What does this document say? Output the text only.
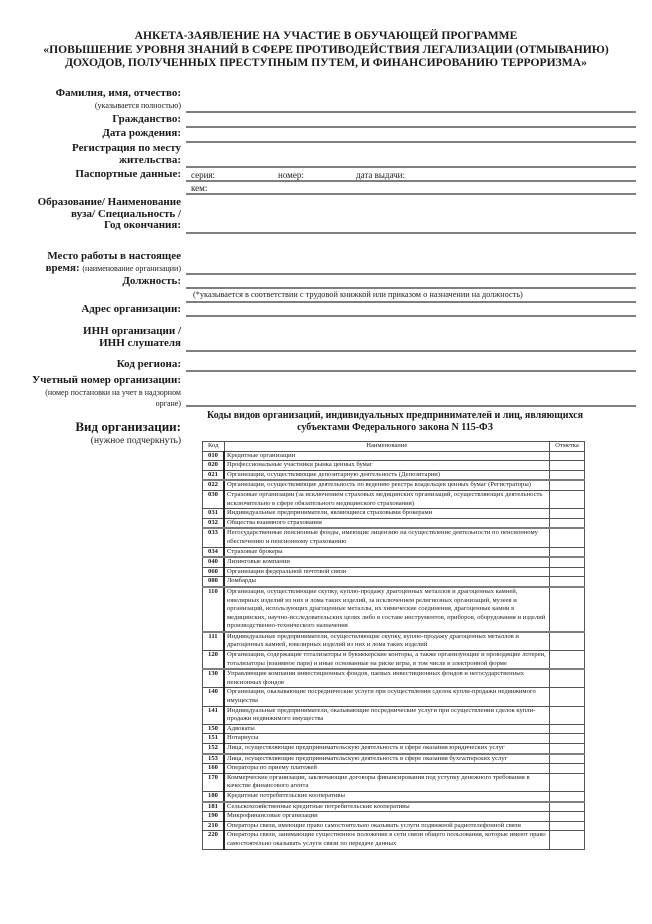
АНКЕТА-ЗАЯВЛЕНИЕ НА УЧАСТИЕ В ОБУЧАЮЩЕЙ ПРОГРАММЕ
«ПОВЫШЕНИЕ УРОВНЯ ЗНАНИЙ В СФЕРЕ ПРОТИВОДЕЙСТВИЯ ЛЕГАЛИЗАЦИИ (ОТМЫВАНИЮ)
ДОХОДОВ, ПОЛУЧЕННЫХ ПРЕСТУПНЫМ ПУТЕМ, И ФИНАНСИРОВАНИЮ ТЕРРОРИЗМА»
Фамилия, имя, отчество:
(указывается полностью)
Гражданство:
Дата рождения:
Регистрация по месту
жительства:
Паспортные данные: серия:	номер:	дата выдачи:
кем:
Образование/ Наименование
вуза/ Специальность /
Год окончания:
Место работы в настоящее
время: (наименование организации)
Должность:
(*указывается в соответствии с трудовой книжкой или приказом о назначении на должность)
Адрес организации:
ИНН организации /
ИНН слушателя
Код региона:
Учетный номер организации:
(номер постановки на учет в надзорном
органе)
Вид организации:
(нужное подчеркнуть)
Коды видов организаций, индивидуальных предпринимателей и лиц, являющихся
субъектами Федерального закона N 115-ФЗ
Код	Наименование	Отметка
010	Кредитные организации	
020	Профессиональные участники рынка ценных бумаг	
021	Организации, осуществляющие депозитарную деятельность (Депозитарии)	
022	Организации, осуществляющие деятельность по ведению реестра владельцев ценных бумаг (Регистраторы)	
030	Страховые организации (за исключением страховых медицинских организаций, осуществляющих деятельность исключительно в сфере обязательного медицинского страхования)	
031	Индивидуальные предприниматели, являющиеся страховыми брокерами	
032	Общества взаимного страхования	
033	Негосударственные пенсионные фонды, имеющие лицензию на осуществление деятельности по пенсионному обеспечению и пенсионному страхованию	
034	Страховые брокеры	
040	Лизинговые компании	
060	Организации федеральной почтовой связи	
080	Ломбарды	
110	Организации, осуществляющие скупку, куплю-продажу драгоценных металлов и драгоценных камней, ювелирных изделий из них и лома таких изделий, за исключением религиозных организаций, музеев и организаций, использующих драгоценные металлы, их химические соединения, драгоценные камни в медицинских, научно-исследовательских целях либо в составе инструментов, приборов, оборудования и изделий производственно-технического назначения	
111	Индивидуальные предприниматели, осуществляющие скупку, куплю-продажу драгоценных металлов и драгоценных камней, ювелирных изделий из них и лома таких изделий	
120	Организации, содержащие тотализаторы и букмекерские конторы, а также организующие и проводящие лотереи, тотализаторы (взаимное пари) и иные основанные на риске игры, в том числе в электронной форме	
130	Управляющие компании инвестиционных фондов, паевых инвестиционных фондов и негосударственных пенсионных фондов	
140	Организации, оказывающие посреднические услуги при осуществлении сделок купли-продажи недвижимого имущества	
141	Индивидуальные предприниматели, оказывающие посреднические услуги при осуществлении сделок купли-продажи недвижимого имущества	
150	Адвокаты	
151	Нотариусы	
152	Лица, осуществляющие предпринимательскую деятельность в сфере оказания юридических услуг	
153	Лица, осуществляющие предпринимательскую деятельность в сфере оказания бухгалтерских услуг	
160	Операторы по приему платежей	
170	Коммерческие организации, заключающие договоры финансирования под уступку денежного требования в качестве финансового агента	
180	Кредитные потребительские кооперативы	
181	Сельскохозяйственные кредитные потребительские кооперативы	
190	Микрофинансовые организации	
210	Операторы связи, имеющие право самостоятельно оказывать услуги подвижной радиотелефонной связи	
220	Операторы связи, занимающие существенное положение в сети связи общего пользования, которые имеют право самостоятельно оказывать услуги связи по передаче данных	
